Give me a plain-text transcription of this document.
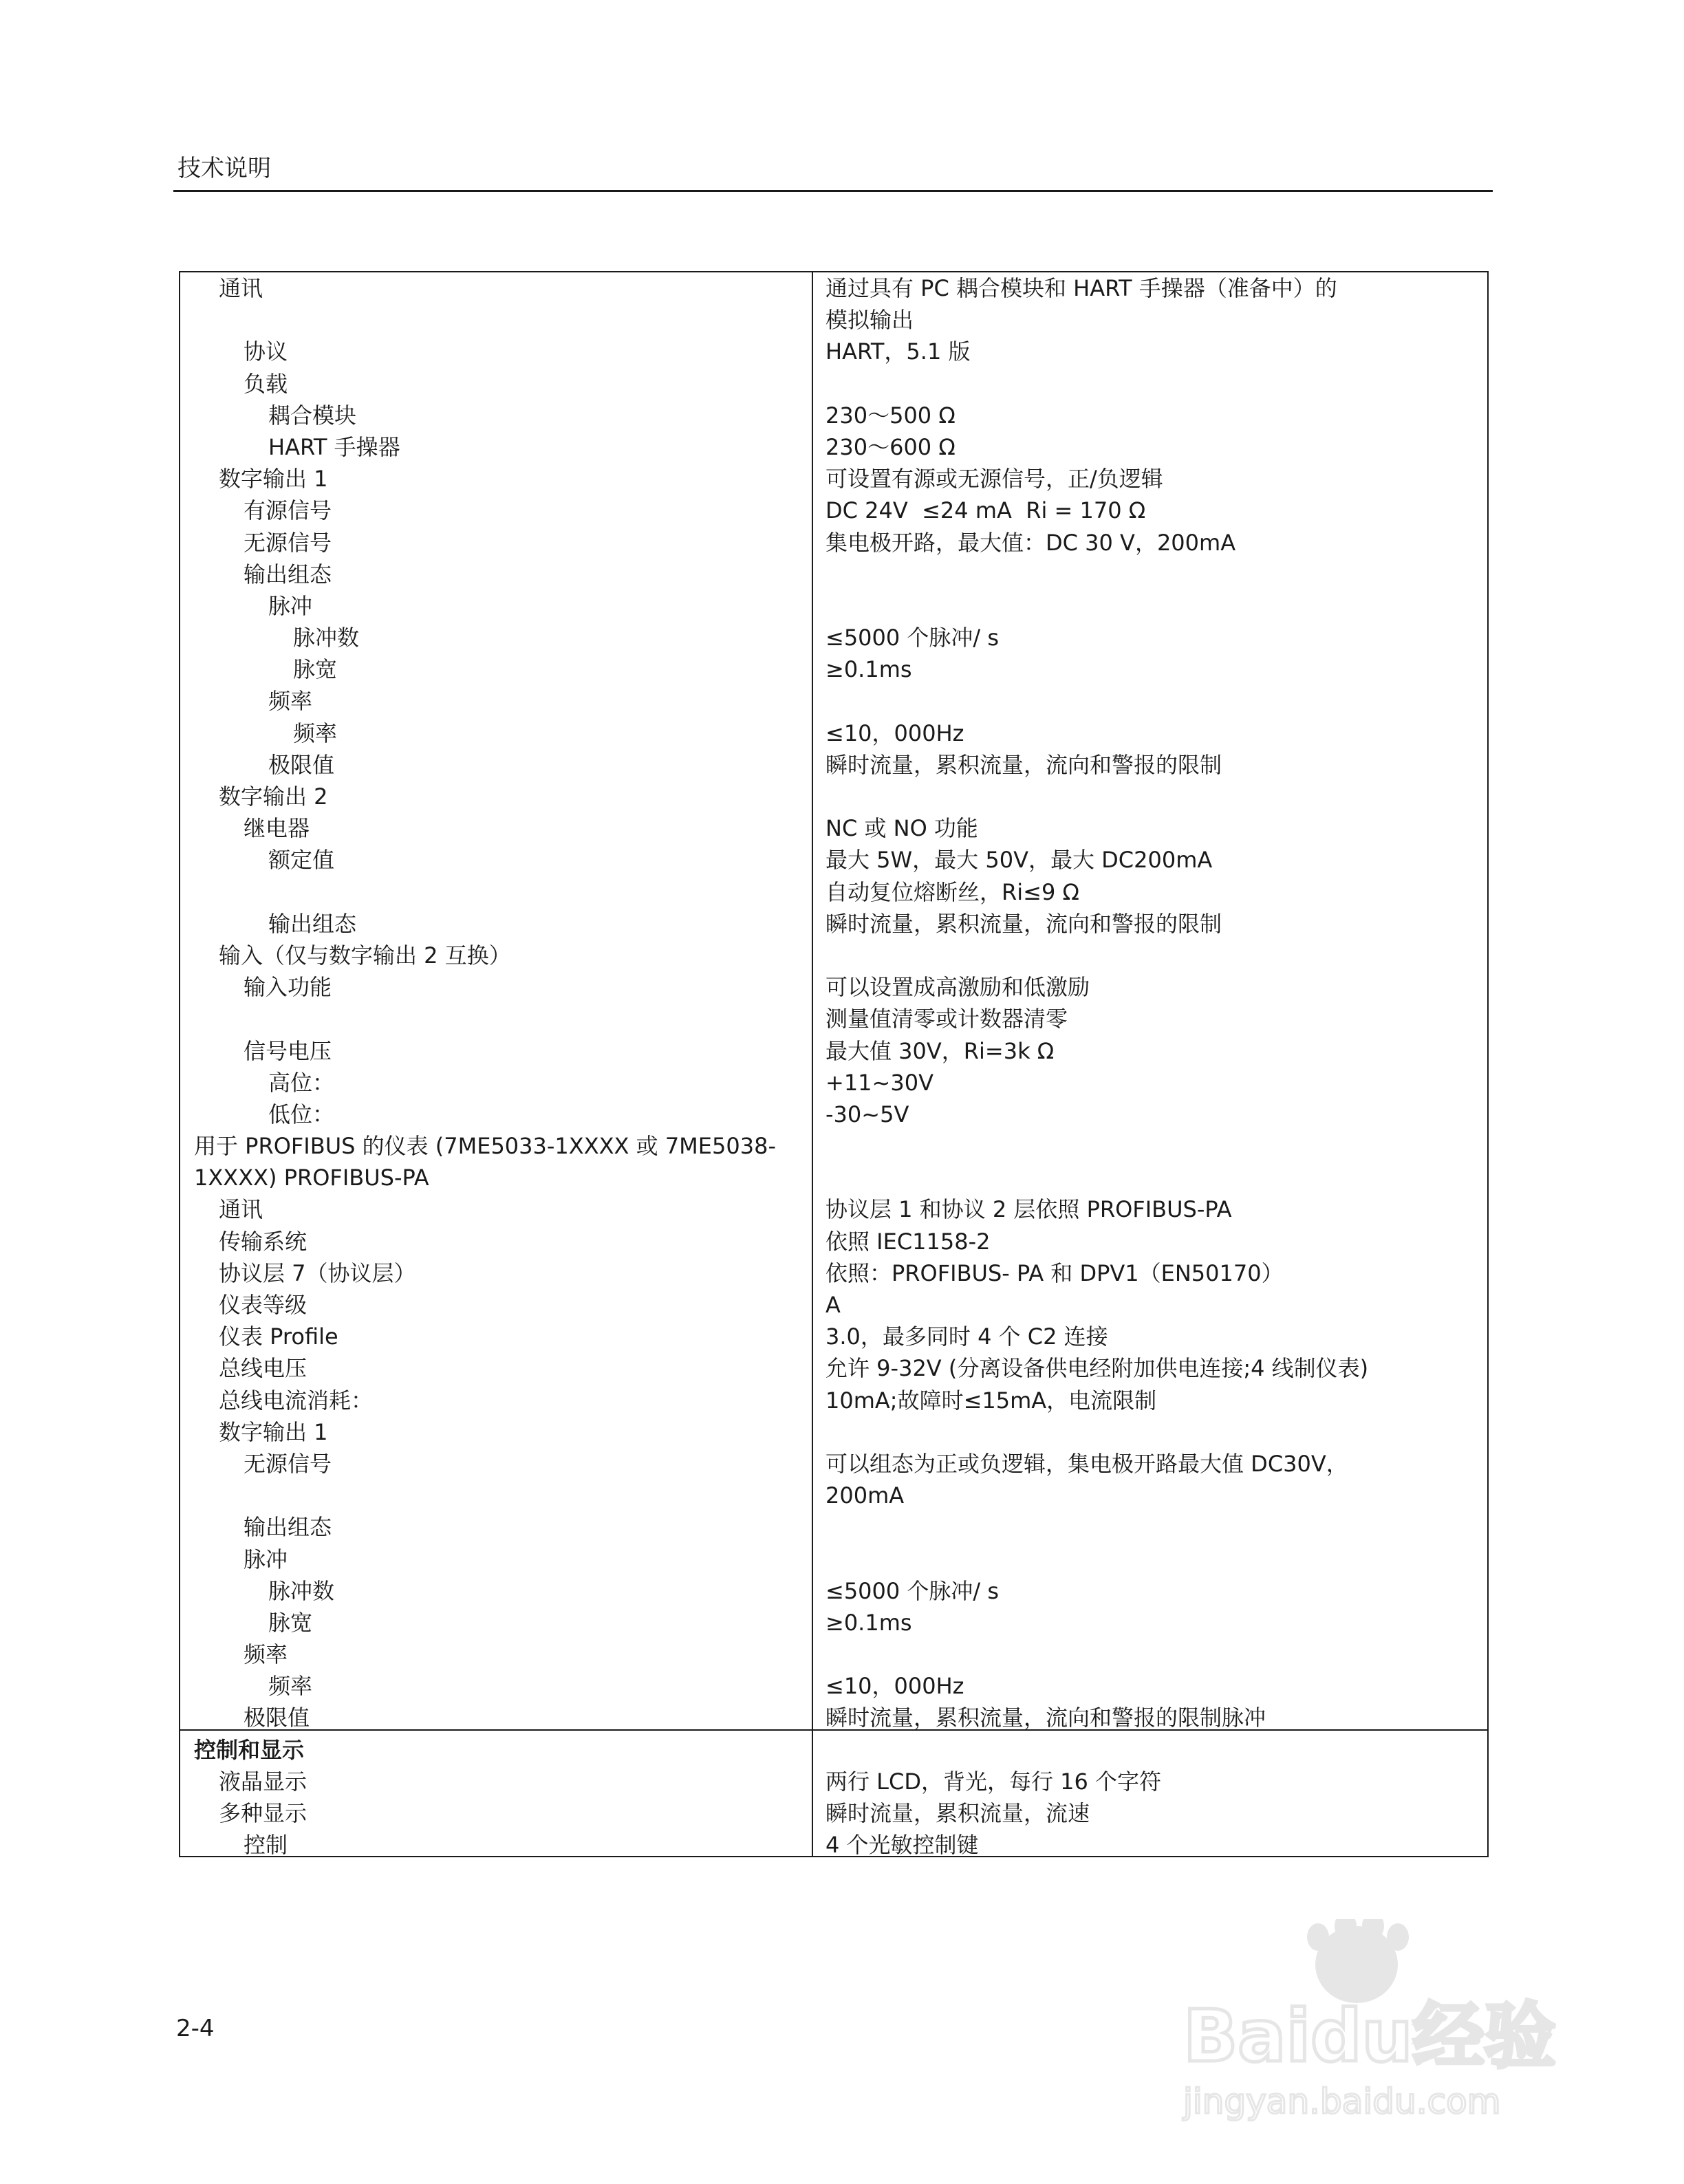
技术说明
通讯	通过具有 PC 耦合模块和 HART 手操器（准备中）的
模拟输出
协议	HART，5.1 版
负载
耦合模块	230～500 Ω
HART 手操器	230～600 Ω
数字输出 1	可设置有源或无源信号，正/负逻辑
有源信号	DC 24V  ≤24 mA  Ri = 170 Ω
无源信号	集电极开路，最大值：DC 30 V，200mA
输出组态
脉冲
脉冲数	≤5000 个脉冲/ s
脉宽	≥0.1ms
频率
频率	≤10，000Hz
极限值	瞬时流量，累积流量，流向和警报的限制
数字输出 2
继电器	NC 或 NO 功能
额定值	最大 5W，最大 50V，最大 DC200mA
自动复位熔断丝，Ri≤9 Ω
输出组态	瞬时流量，累积流量，流向和警报的限制
输入（仅与数字输出 2 互换）
输入功能	可以设置成高激励和低激励
测量值清零或计数器清零
信号电压	最大值 30V，Ri=3k Ω
高位：	+11~30V
低位：	-30~5V
用于 PROFIBUS 的仪表 (7ME5033-1XXXX 或 7ME5038-
1XXXX) PROFIBUS-PA
通讯	协议层 1 和协议 2 层依照 PROFIBUS-PA
传输系统	依照 IEC1158-2
协议层 7（协议层）	依照：PROFIBUS- PA 和 DPV1（EN50170）
仪表等级	A
仪表 Profile	3.0，最多同时 4 个 C2 连接
总线电压	允许 9-32V (分离设备供电经附加供电连接;4 线制仪表)
总线电流消耗：	10mA;故障时≤15mA，电流限制
数字输出 1
无源信号	可以组态为正或负逻辑，集电极开路最大值 DC30V，
200mA
输出组态
脉冲
脉冲数	≤5000 个脉冲/ s
脉宽	≥0.1ms
频率
频率	≤10，000Hz
极限值	瞬时流量，累积流量，流向和警报的限制脉冲
控制和显示
液晶显示	两行 LCD，背光，每行 16 个字符
多种显示	瞬时流量，累积流量，流速
控制	4 个光敏控制键
2-4	Baidu经验
jingyan.baidu.com
